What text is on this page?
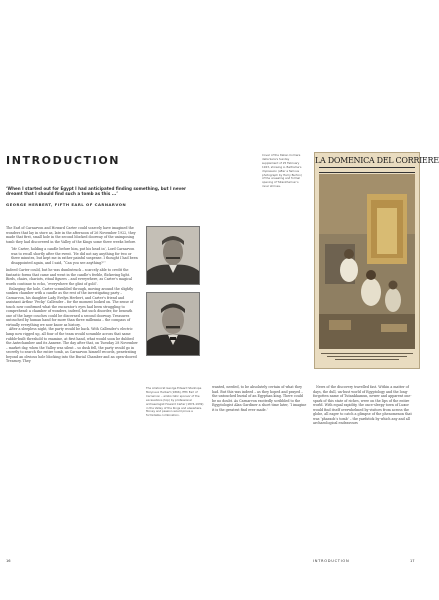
INTRODUCTION
‘When I started out for Egypt I had anticipated finding something, but I never dreamt that I should find such a tomb as this ...’
GEORGE HERBERT, FIFTH EARL OF CARNARVON

The Earl of Carnarvon and Howard Carter could scarcely have imagined the wonders that lay in store as, late in the afternoon of 26 November 1922, they made that first, small hole in the second blocked doorway of the unimposing tomb they had discovered in the Valley of the Kings some three weeks before.

‘Mr Carter, holding a candle before him, put his head in’, Lord Carnarvon was to recall shortly after the event. ‘He did not say anything for two or three minutes, but kept me in rather painful suspense. I thought I had been disappointed again, and I said, “Can you see anything?”’

Indeed Carter could, but he was dumbstruck – scarcely able to credit the fantastic forms that came and went in the candle’s feeble, flickering light. Birds, chairs, chariots, ritual figures – and everywhere, as Carter’s magical words continue to echo, ‘everywhere the glint of gold’.

Enlarging the hole, Carter scrambled through, moving around the slightly sunken chamber with a candle as the rest of the investigating party – Carnarvon, his daughter Lady Evelyn Herbert, and Carter’s friend and assistant Arthur ‘Pecky’ Callender – for the moment looked on. The sense of touch now confirmed what the excavator’s eyes had been struggling to comprehend: a chamber of wonders, indeed, but such disorder, for beneath one of the large couches could be discerned a second doorway. Treasures untouched by human hand for more than three millennia – the compass of virtually everything we now know as history.

After a sleepless night, the party would be back. With Callender’s electric lamp now rigged up, all four of the team would scramble across that same rubble-built threshold to examine, at first hand, what would soon be dubbed the Antechamber and its Annexe. The day after that, on Tuesday 28 November – market day, when the Valley was silent – so dusk fell, the party would go in secretly to search the entire tomb, as Carnarvon himself records, penetrating beyond an obvious hole blocking into the Burial Chamber and an open-doored Treasury. They

The Aristocrat George Edward Stanhope Molyneux Herbert (1866), fifth Earl of Carnarvon – aristocratic sponsor of the excavations (top) by professional archaeologist Howard Carter (1874-1939) in the Valley of the Kings and elsewhere. Money and passion would prove a formidable combination.
Cover of the Italian Corriere della Sera’s Sunday supplement of 25 February 1923, showing A. Beltrame’s impression (after a famous photograph by Harry Burton) of the unsealing and formal opening of Tutankhamun’s inner shrines.
LA DOMENICA DEL CORRIERE

wanted, needed, to be absolutely certain of what they had. But this was indeed – as they hoped and prayed – the untouched burial of an Egyptian king. There could be no doubt. As Carnarvon excitedly scribbled to the Egyptologist Alan Gardiner a short time later, ‘I imagine it is the greatest find ever made.’

News of the discovery travelled fast. Within a matter of days, the dull, un-bust world of Egyptology and the long-forgotten name of Tutankhamun, newer and apparent one-spark of this state of riches, were on the lips of the entire world. With equal rapidity, the once-sleepy town of Luxor would find itself overwhelmed by visitors from across the globe, all eager to catch a glimpse of the phenomenon that was ‘pharaoh’s tomb’ – the yardstick by which any and all archaeological endeavours

16	INTRODUCTION	17
